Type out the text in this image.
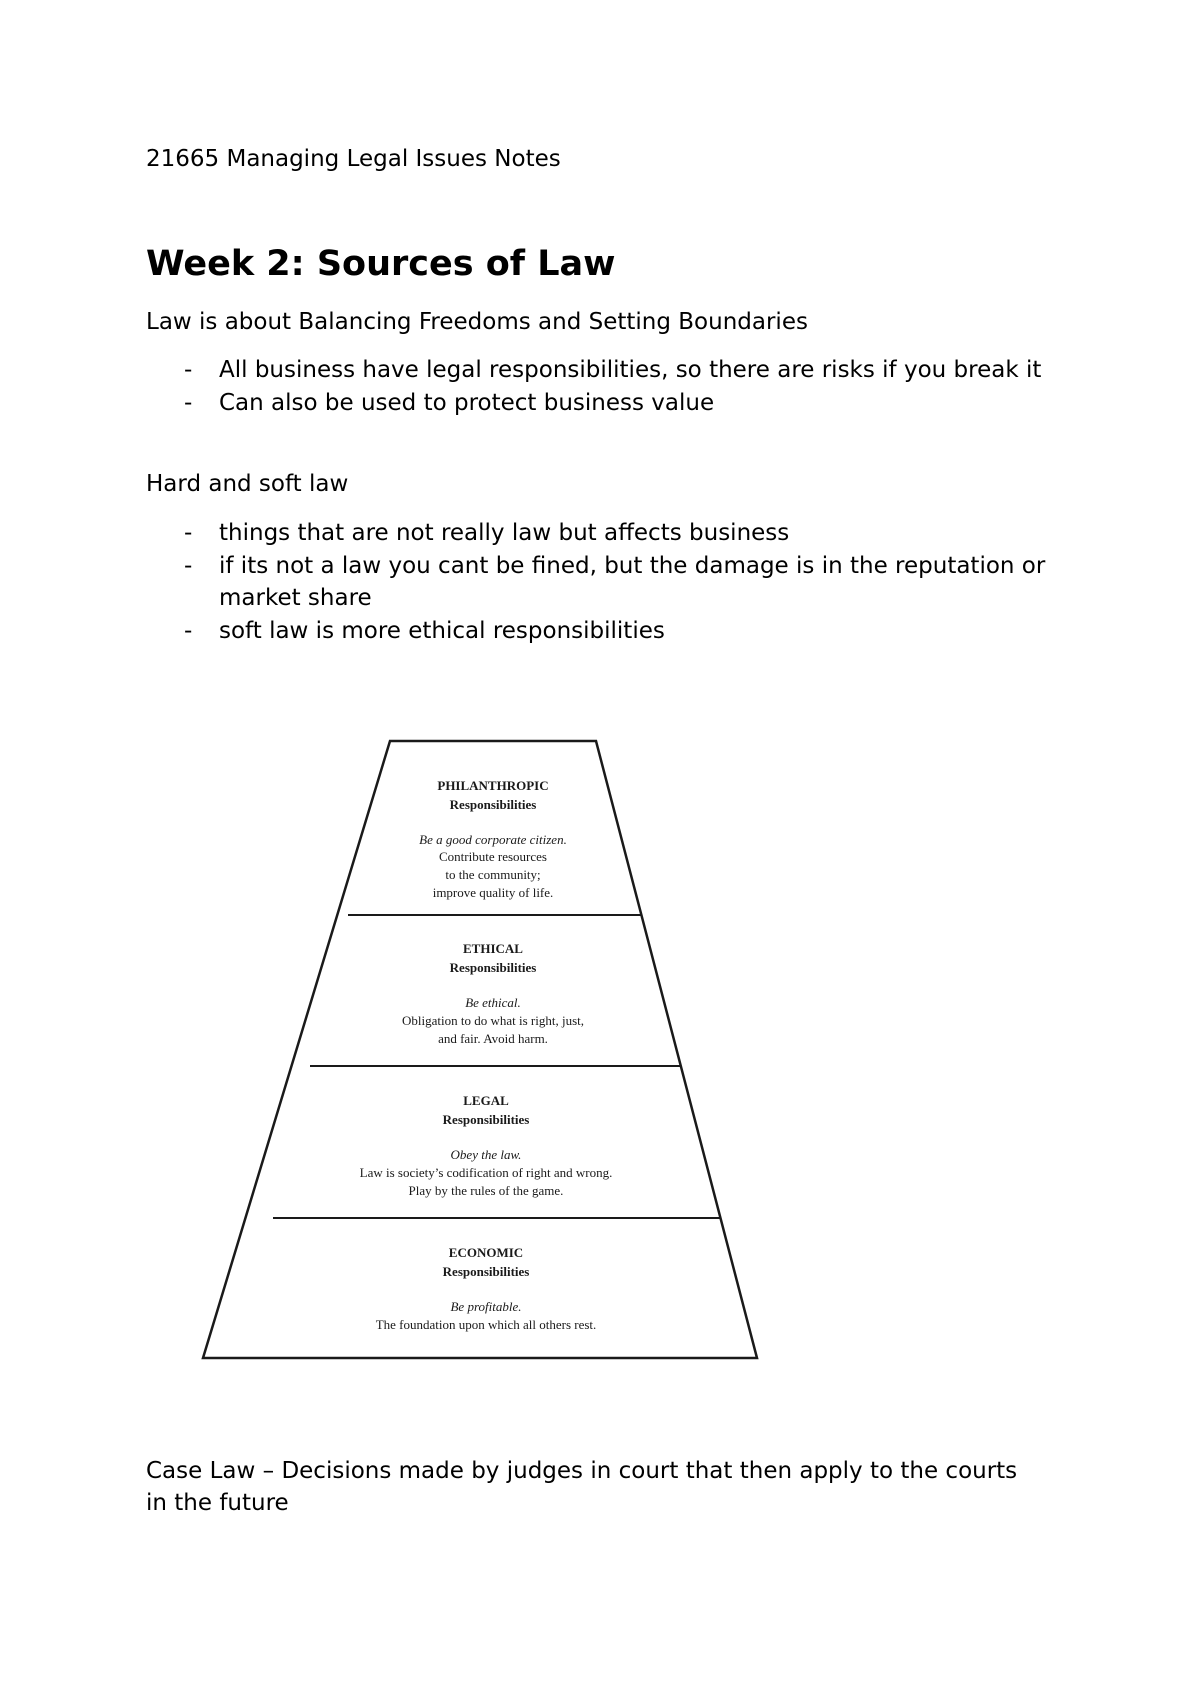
21665 Managing Legal Issues Notes

Week 2: Sources of Law

Law is about Balancing Freedoms and Setting Boundaries

- All business have legal responsibilities, so there are risks if you break it
- Can also be used to protect business value

Hard and soft law

- things that are not really law but affects business
- if its not a law you cant be fined, but the damage is in the reputation or market share
- soft law is more ethical responsibilities
PHILANTHROPIC
Responsibilities
Be a good corporate citizen.
Contribute resources
to the community;
improve quality of life.
ETHICAL
Responsibilities
Be ethical.
Obligation to do what is right, just,
and fair. Avoid harm.
LEGAL
Responsibilities
Obey the law.
Law is society’s codification of right and wrong.
Play by the rules of the game.
ECONOMIC
Responsibilities
Be profitable.
The foundation upon which all others rest.

Case Law – Decisions made by judges in court that then apply to the courts in the future
